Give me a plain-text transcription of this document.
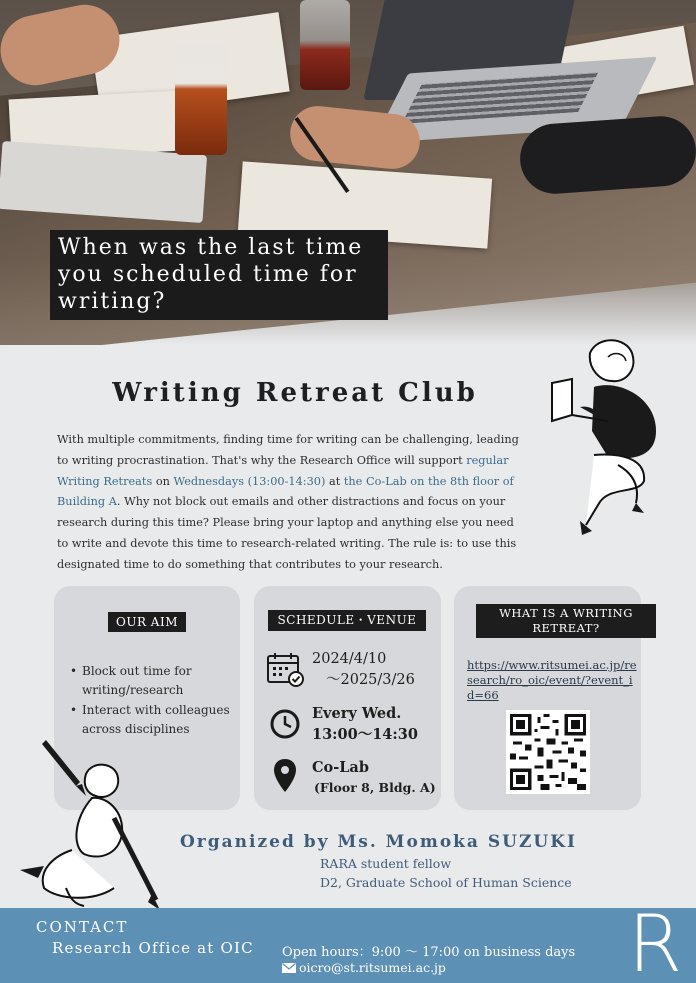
When was the last time
you scheduled time for
writing?
Writing Retreat Club
With multiple commitments, finding time for writing can be challenging, leading to writing procrastination. That's why the Research Office will support regular Writing Retreats on Wednesdays (13:00-14:30) at the Co-Lab on the 8th floor of Building A. Why not block out emails and other distractions and focus on your research during this time? Please bring your laptop and anything else you need to write and devote this time to research-related writing. The rule is: to use this designated time to do something that contributes to your research.
OUR AIM
• Block out time for writing/research
• Interact with colleagues across disciplines
SCHEDULE・VENUE
2024/4/10
～2025/3/26
Every Wed.
13:00～14:30
Co-Lab
(Floor 8, Bldg. A)
WHAT IS A WRITING
RETREAT?
https://www.ritsumei.ac.jp/research/ro_oic/event/?event_id=66
Organized by Ms. Momoka SUZUKI
RARA student fellow
D2, Graduate School of Human Science
CONTACT
Research Office at OIC Open hours：9:00 ～ 17:00 on business days
oicro@st.ritsumei.ac.jp R
